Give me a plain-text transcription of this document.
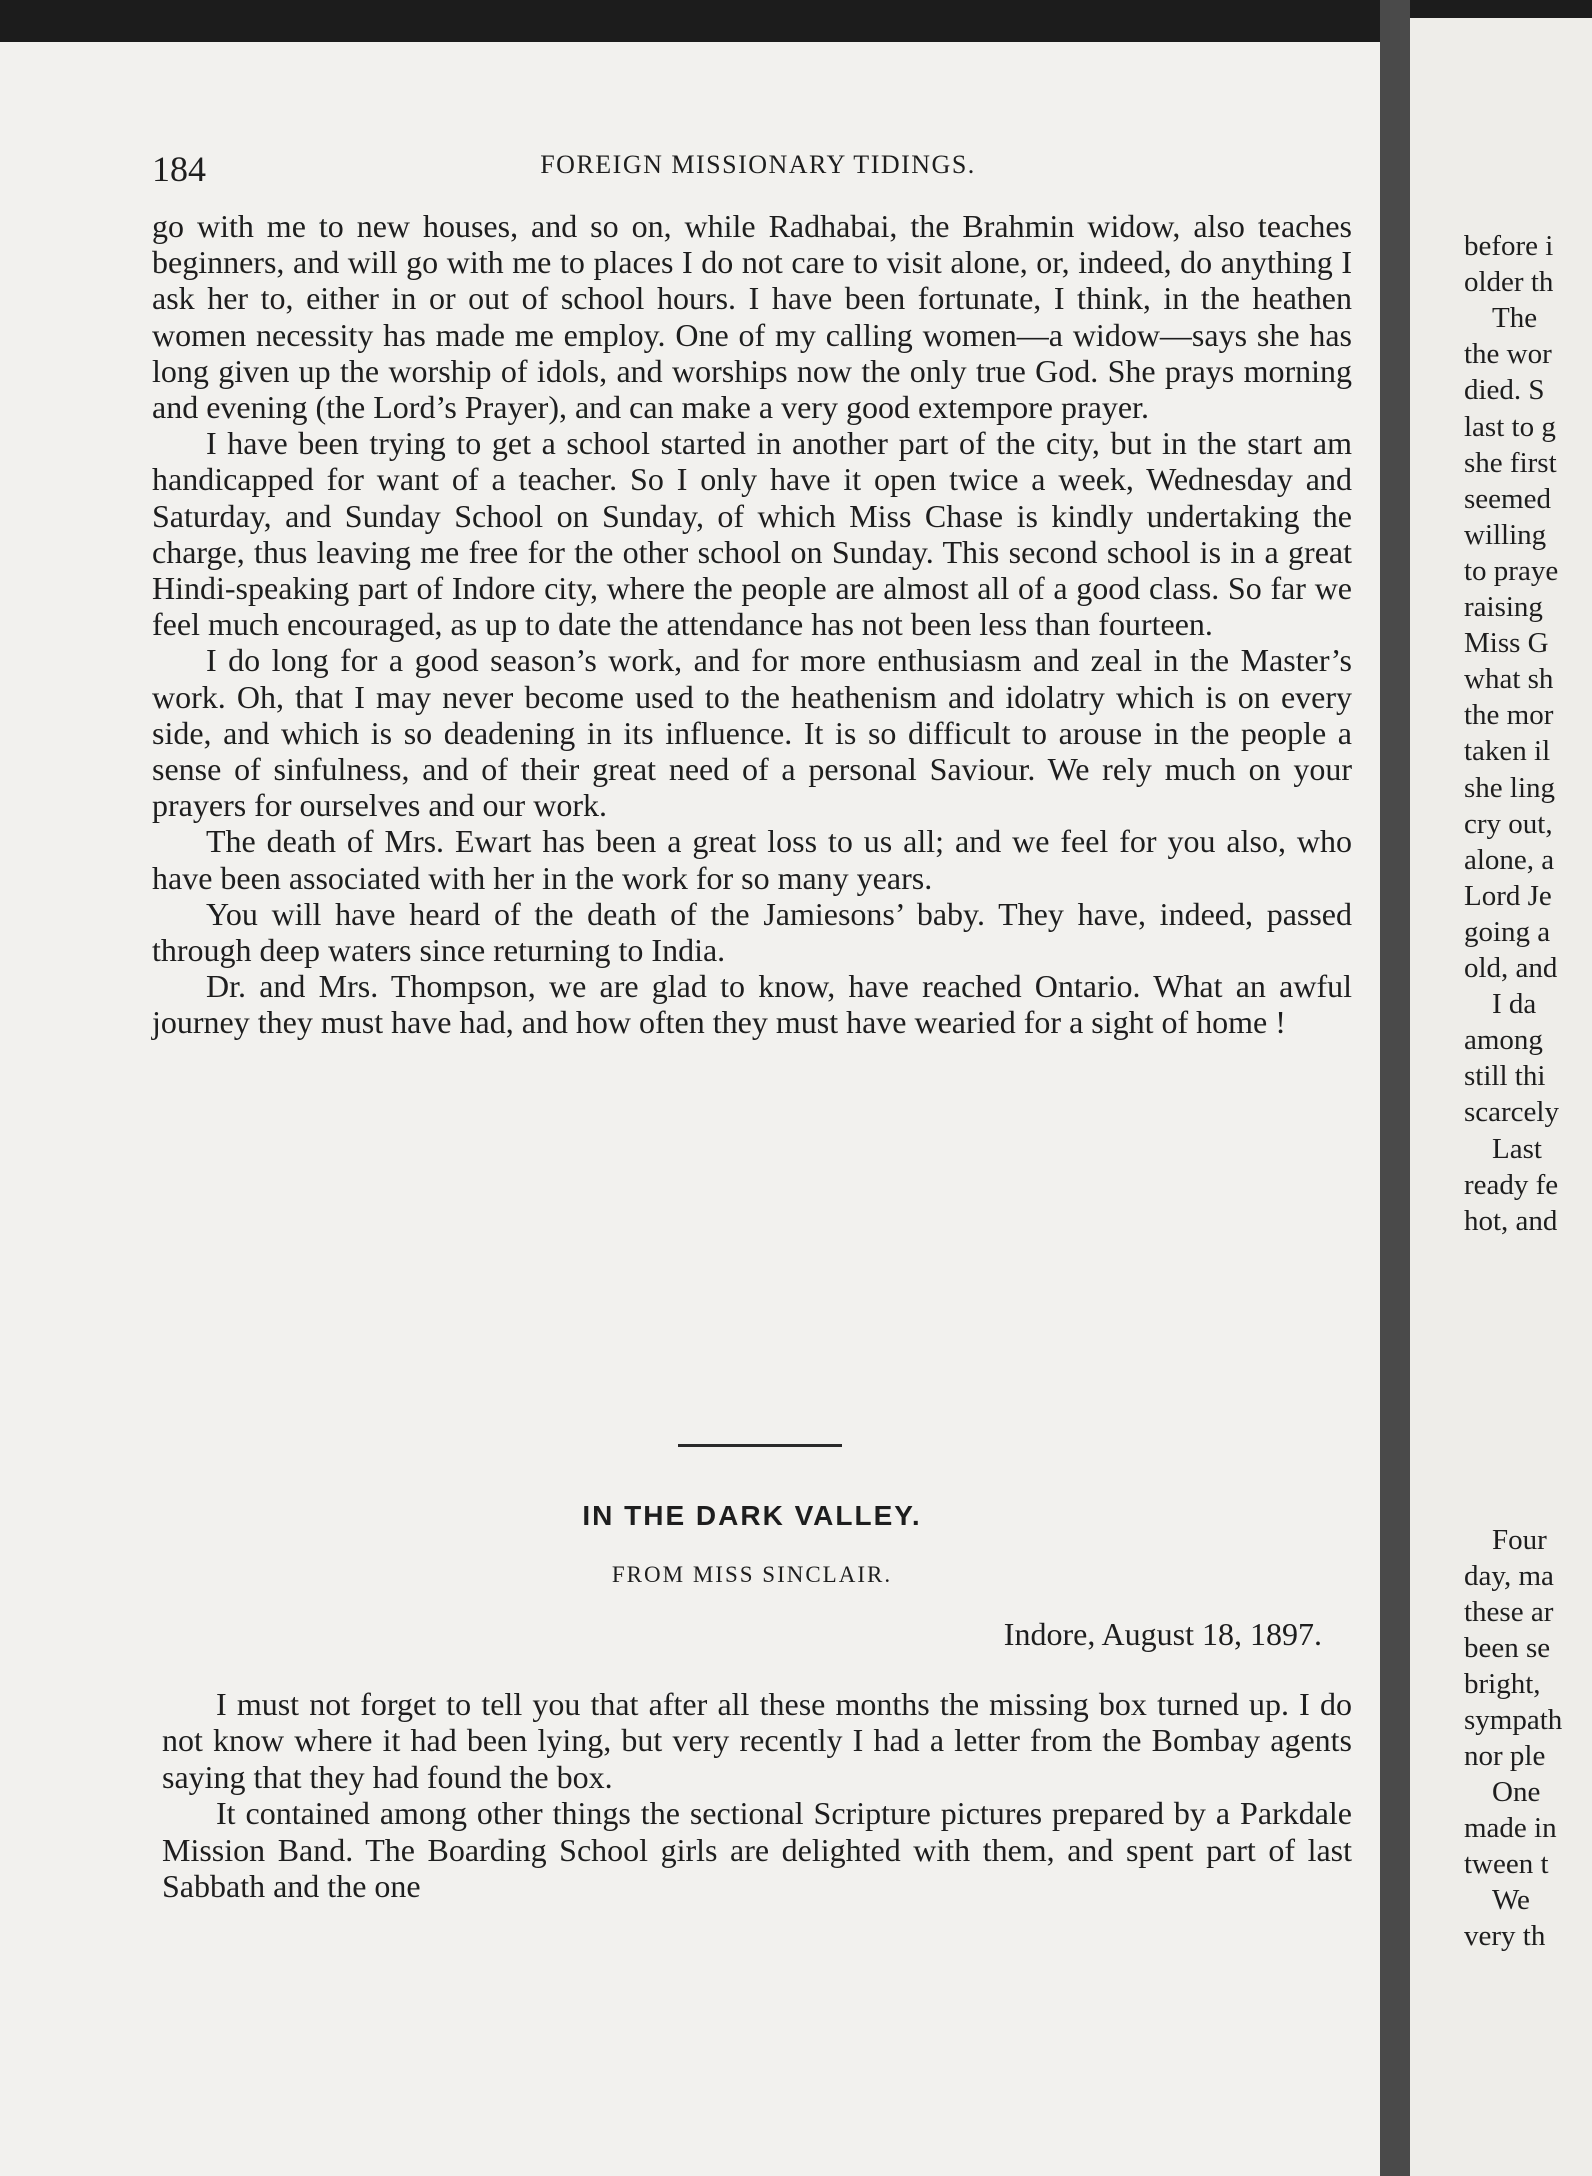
before i
older th
The
the wor
died. S
last to g
she first
seemed
willing
to praye
raising
Miss G
what sh
the mor
taken il
she ling
cry out,
alone, a
Lord Je
going a
old, and
I da
among
still thi
scarcely
Last
ready fe
hot, and
Four
day, ma
these ar
been se
bright,
sympath
nor ple
One
made in
tween t
We
very th
184	FOREIGN MISSIONARY TIDINGS.

go with me to new houses, and so on, while Radhabai, the Brahmin widow, also teaches beginners, and will go with me to places I do not care to visit alone, or, indeed, do anything I ask her to, either in or out of school hours. I have been fortunate, I think, in the heathen women necessity has made me employ. One of my calling women—a widow—says she has long given up the worship of idols, and worships now the only true God. She prays morning and evening (the Lord’s Prayer), and can make a very good extempore prayer.

I have been trying to get a school started in another part of the city, but in the start am handicapped for want of a teacher. So I only have it open twice a week, Wednesday and Saturday, and Sunday School on Sunday, of which Miss Chase is kindly undertaking the charge, thus leaving me free for the other school on Sunday. This second school is in a great Hindi-speaking part of Indore city, where the people are almost all of a good class. So far we feel much encouraged, as up to date the attendance has not been less than fourteen.

I do long for a good season’s work, and for more enthusiasm and zeal in the Master’s work. Oh, that I may never become used to the heathenism and idolatry which is on every side, and which is so deadening in its influence. It is so difficult to arouse in the people a sense of sinfulness, and of their great need of a personal Saviour. We rely much on your prayers for ourselves and our work.

The death of Mrs. Ewart has been a great loss to us all; and we feel for you also, who have been associated with her in the work for so many years.

You will have heard of the death of the Jamiesons’ baby. They have, indeed, passed through deep waters since returning to India.

Dr. and Mrs. Thompson, we are glad to know, have reached Ontario. What an awful journey they must have had, and how often they must have wearied for a sight of home !

IN THE DARK VALLEY.
FROM MISS SINCLAIR.
Indore, August 18, 1897.

I must not forget to tell you that after all these months the missing box turned up. I do not know where it had been lying, but very recently I had a letter from the Bombay agents saying that they had found the box.

It contained among other things the sectional Scripture pictures prepared by a Parkdale Mission Band. The Boarding School girls are delighted with them, and spent part of last Sabbath and the one
